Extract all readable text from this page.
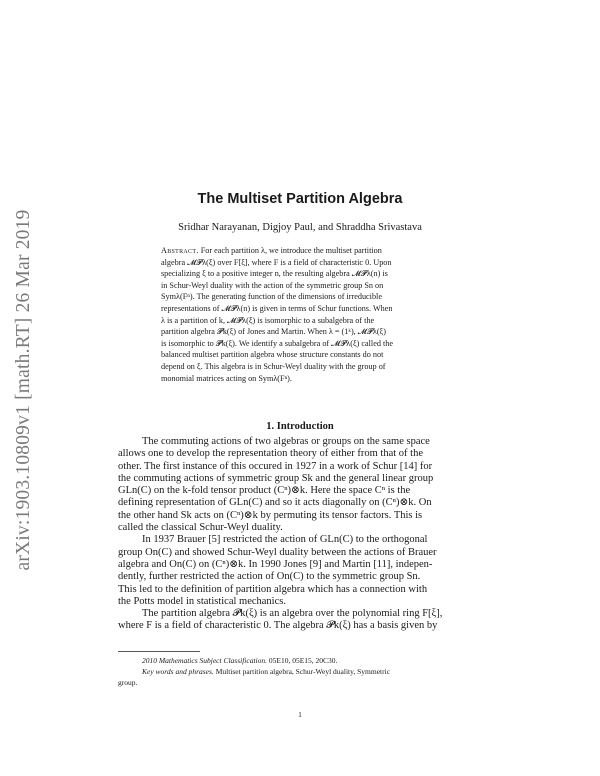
arXiv:1903.10809v1 [math.RT] 26 Mar 2019
The Multiset Partition Algebra
Sridhar Narayanan, Digjoy Paul, and Shraddha Srivastava
Abstract. For each partition λ, we introduce the multiset partition
algebra 𝓜𝓟λ(ξ) over F[ξ], where F is a field of characteristic 0. Upon
specializing ξ to a positive integer n, the resulting algebra 𝓜𝓟λ(n) is
in Schur-Weyl duality with the action of the symmetric group Sn on
Symλ(Fⁿ). The generating function of the dimensions of irreducible
representations of 𝓜𝓟λ(n) is given in terms of Schur functions. When
λ is a partition of k, 𝓜𝓟λ(ξ) is isomorphic to a subalgebra of the
partition algebra 𝓟k(ξ) of Jones and Martin. When λ = (1ᵏ), 𝓜𝓟λ(ξ)
is isomorphic to 𝓟k(ξ). We identify a subalgebra of 𝓜𝓟λ(ξ) called the
balanced multiset partition algebra whose structure constants do not
depend on ξ. This algebra is in Schur-Weyl duality with the group of
monomial matrices acting on Symλ(Fⁿ).
1. Introduction
The commuting actions of two algebras or groups on the same space
allows one to develop the representation theory of either from that of the
other. The first instance of this occured in 1927 in a work of Schur [14] for
the commuting actions of symmetric group Sk and the general linear group
GLn(C) on the k-fold tensor product (Cⁿ)⊗k. Here the space Cⁿ is the
defining representation of GLn(C) and so it acts diagonally on (Cⁿ)⊗k. On
the other hand Sk acts on (Cⁿ)⊗k by permuting its tensor factors. This is
called the classical Schur-Weyl duality.
In 1937 Brauer [5] restricted the action of GLn(C) to the orthogonal
group On(C) and showed Schur-Weyl duality between the actions of Brauer
algebra and On(C) on (Cⁿ)⊗k. In 1990 Jones [9] and Martin [11], indepen-
dently, further restricted the action of On(C) to the symmetric group Sn.
This led to the definition of partition algebra which has a connection with
the Potts model in statistical mechanics.
The partition algebra 𝓟k(ξ) is an algebra over the polynomial ring F[ξ],
where F is a field of characteristic 0. The algebra 𝓟k(ξ) has a basis given by
2010 Mathematics Subject Classification. 05E10, 05E15, 20C30.
Key words and phrases. Multiset partition algebra, Schur-Weyl duality, Symmetric
group.
1
